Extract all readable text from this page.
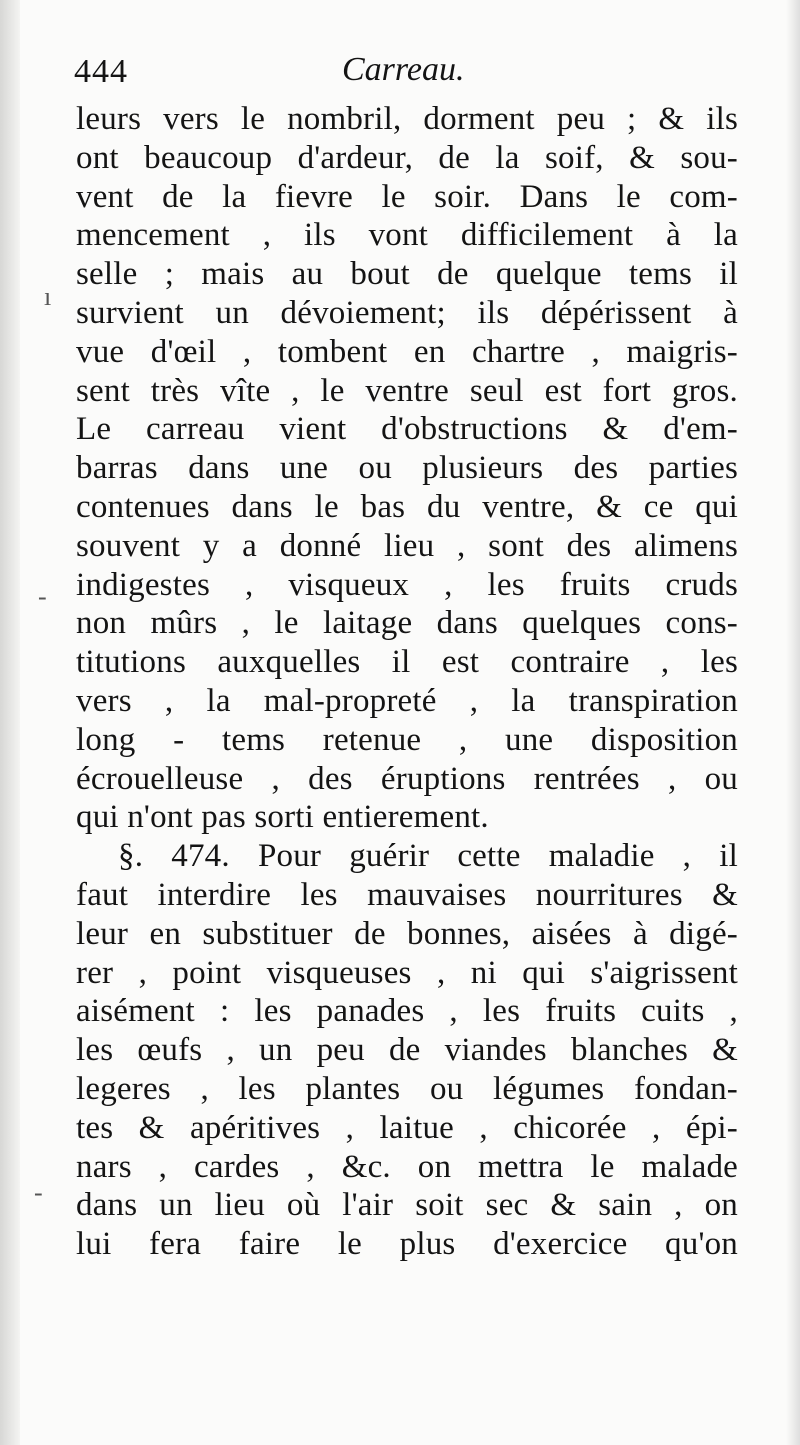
444	Carreau.
ı
-
-
leurs vers le nombril, dorment peu ; & ils
ont beaucoup d'ardeur, de la soif, & sou-
vent de la fievre le soir. Dans le com-
mencement , ils vont difficilement à la
selle ; mais au bout de quelque tems il
survient un dévoiement; ils dépérissent à
vue d'œil , tombent en chartre , maigris-
sent très vîte , le ventre seul est fort gros.
Le carreau vient d'obstructions & d'em-
barras dans une ou plusieurs des parties
contenues dans le bas du ventre, & ce qui
souvent y a donné lieu , sont des alimens
indigestes , visqueux , les fruits cruds
non mûrs , le laitage dans quelques cons-
titutions auxquelles il est contraire , les
vers , la mal-propreté , la transpiration
long - tems retenue , une disposition
écrouelleuse , des éruptions rentrées , ou
qui n'ont pas sorti entierement.
§. 474. Pour guérir cette maladie , il
faut interdire les mauvaises nourritures &
leur en substituer de bonnes, aisées à digé-
rer , point visqueuses , ni qui s'aigrissent
aisément : les panades , les fruits cuits ,
les œufs , un peu de viandes blanches &
legeres , les plantes ou légumes fondan-
tes & apéritives , laitue , chicorée , épi-
nars , cardes , &c. on mettra le malade
dans un lieu où l'air soit sec & sain , on
lui fera faire le plus d'exercice qu'on
